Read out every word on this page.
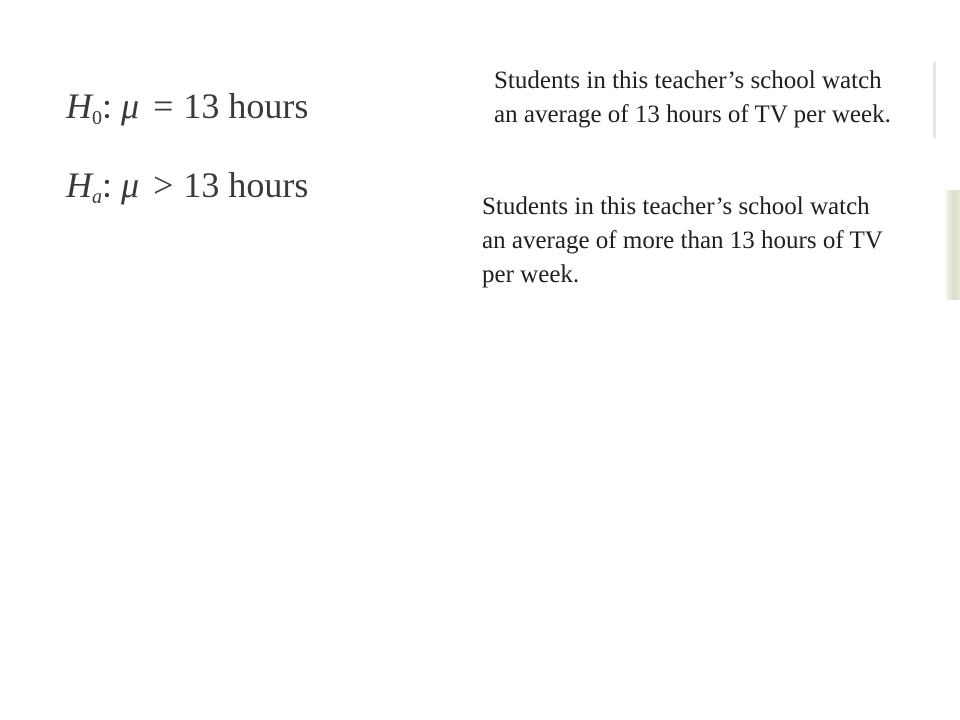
$H_0$: μ = 13 hours
$H_a$: μ > 13 hours
Students in this teacher’s school watch
an average of 13 hours of TV per week.
Students in this teacher’s school watch
an average of more than 13 hours of TV
per week.
